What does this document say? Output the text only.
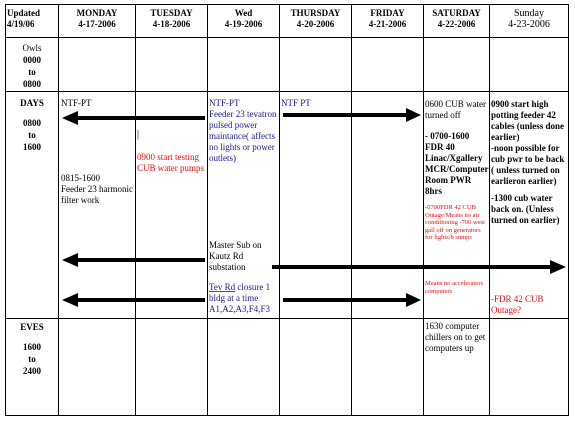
Updated 4/19/06
MONDAY
4-17-2006
TUESDAY
4-18-2006
Wed
4-19-2006
THURSDAY
4-20-2006
FRIDAY
4-21-2006
SATURDAY
4-22-2006
Sunday
4-23-2006
Owls
0000
to
0800
DAYS
0800
to
1600
EVES
1600
to
2400
NTF-PT
0815-1600
Feeder 23 harmonic filter work
|
0900 start testing CUB water pumps
NTF-PT
Feeder 23 tevatron pulsed power maintance( affects no lights or power outlets)
Master Sub on Kautz Rd substation
Tev Rd closure 1 bldg at a time A1,A2,A3,F4,F3
NTF PT	0600 CUB water turned off
- 0700-1600
FDR 40
Linac/Xgallery MCR/Computer Room PWR 8hrs
-0700FDR 42 CUB Outage/Means no air conditioning -700 west gall off on generators for lights/b sumps
Means no accelerators computers
1630 computer chillers on to get computers up
0900 start high potting feeder 42 cables (unless done earlier)
-noon possible for cub pwr to be back ( unless turned on earlieron earlier)
-1300 cub water back on. (Unless turned on earlier)
-FDR 42 CUB Outage?
